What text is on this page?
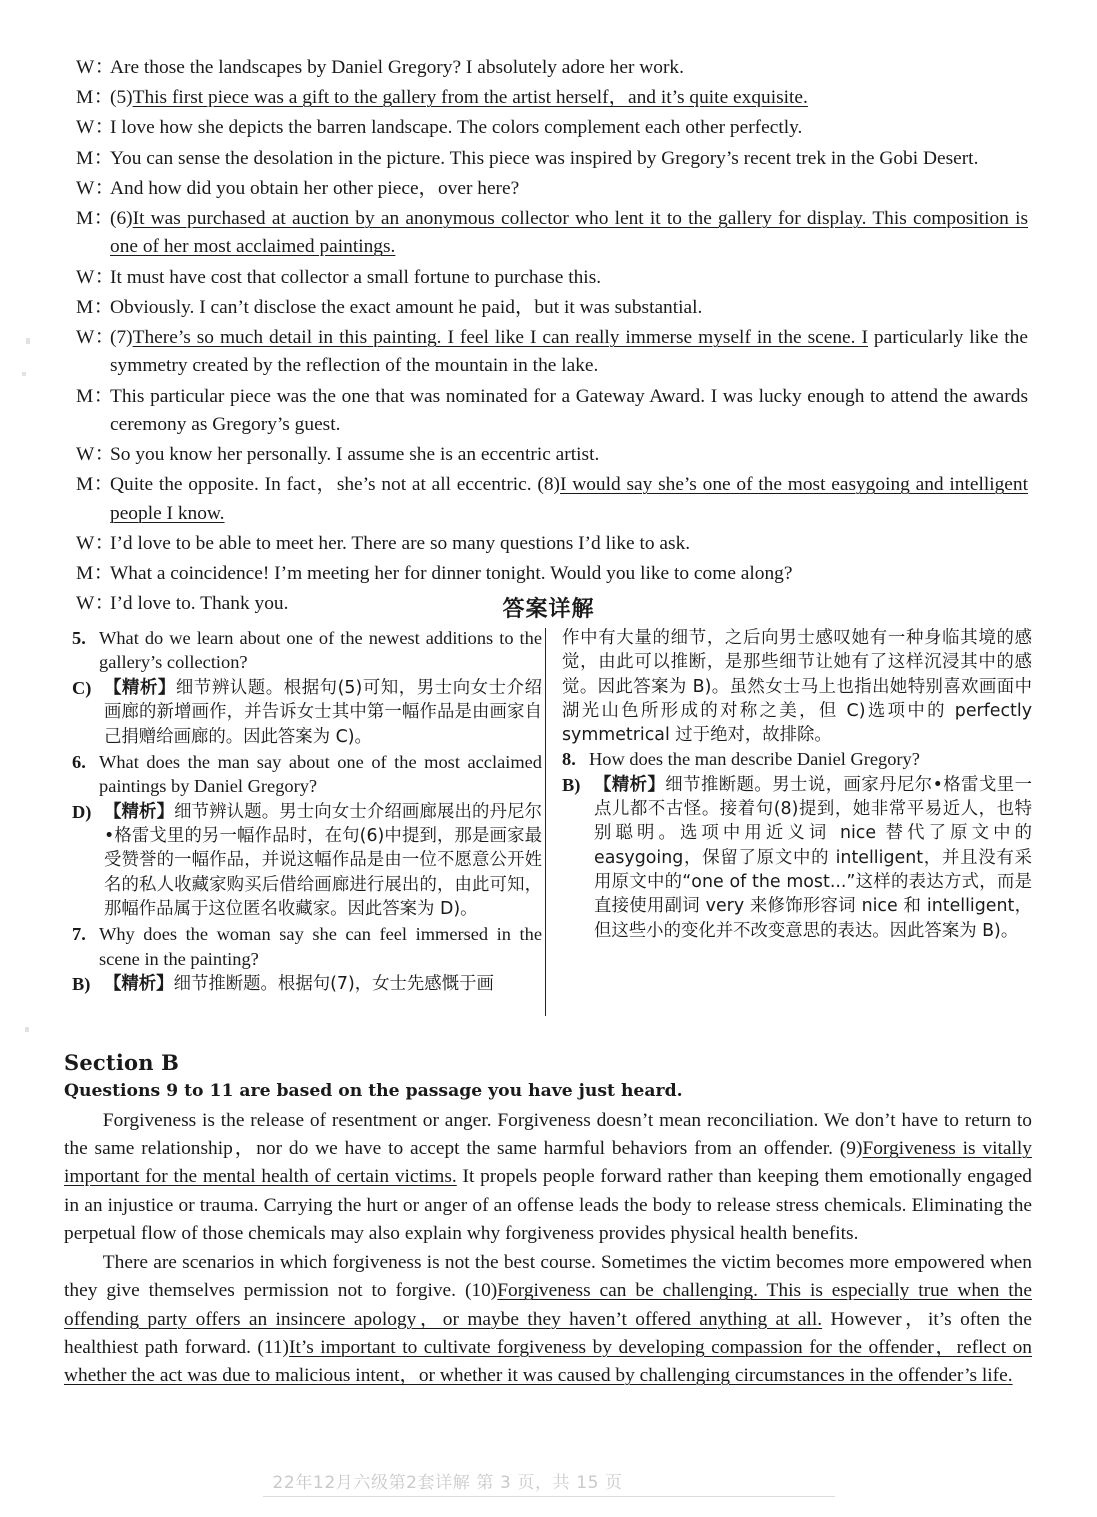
W：
Are those the landscapes by Daniel Gregory? I absolutely adore her work.
M：
(5)This first piece was a gift to the gallery from the artist herself，and it’s quite exquisite.
W：
I love how she depicts the barren landscape. The colors complement each other perfectly.
M：
You can sense the desolation in the picture. This piece was inspired by Gregory’s recent trek in the Gobi Desert.
W：
And how did you obtain her other piece，over here?
M：
(6)It was purchased at auction by an anonymous collector who lent it to the gallery for display. This composition is one of her most acclaimed paintings.
W：
It must have cost that collector a small fortune to purchase this.
M：
Obviously. I can’t disclose the exact amount he paid，but it was substantial.
W：
(7)There’s so much detail in this painting. I feel like I can really immerse myself in the scene. I particularly like the symmetry created by the reflection of the mountain in the lake.
M：
This particular piece was the one that was nominated for a Gateway Award. I was lucky enough to attend the awards ceremony as Gregory’s guest.
W：
So you know her personally. I assume she is an eccentric artist.
M：
Quite the opposite. In fact，she’s not at all eccentric. (8)I would say she’s one of the most easygoing and intelligent people I know.
W：
I’d love to be able to meet her. There are so many questions I’d like to ask.
M：
What a coincidence! I’m meeting her for dinner tonight. Would you like to come along?
W：
I’d love to. Thank you.	答案详解
5. What do we learn about one of the newest additions to the gallery’s collection?
C) 【精析】细节辨认题。根据句(5)可知，男士向女士介绍画廊的新增画作，并告诉女士其中第一幅作品是由画家自己捐赠给画廊的。因此答案为 C)。
6. What does the man say about one of the most acclaimed paintings by Daniel Gregory?
D) 【精析】细节辨认题。男士向女士介绍画廊展出的丹尼尔•格雷戈里的另一幅作品时，在句(6)中提到，那是画家最受赞誉的一幅作品，并说这幅作品是由一位不愿意公开姓名的私人收藏家购买后借给画廊进行展出的，由此可知，那幅作品属于这位匿名收藏家。因此答案为 D)。
7. Why does the woman say she can feel immersed in the scene in the painting?
B) 【精析】细节推断题。根据句(7)，女士先感慨于画
作中有大量的细节，之后向男士感叹她有一种身临其境的感觉，由此可以推断，是那些细节让她有了这样沉浸其中的感觉。因此答案为 B)。虽然女士马上也指出她特别喜欢画面中湖光山色所形成的对称之美，但 C)选项中的 perfectly symmetrical 过于绝对，故排除。
8. How does the man describe Daniel Gregory?
B) 【精析】细节推断题。男士说，画家丹尼尔•格雷戈里一点儿都不古怪。接着句(8)提到，她非常平易近人，也特别聪明。选项中用近义词 nice 替代了原文中的 easygoing，保留了原文中的 intelligent，并且没有采用原文中的“one of the most...”这样的表达方式，而是直接使用副词 very 来修饰形容词 nice 和 intelligent，但这些小的变化并不改变意思的表达。因此答案为 B)。
Section B
Questions 9 to 11 are based on the passage you have just heard.
Forgiveness is the release of resentment or anger. Forgiveness doesn’t mean reconciliation. We don’t have to return to the same relationship，nor do we have to accept the same harmful behaviors from an offender. (9)Forgiveness is vitally important for the mental health of certain victims. It propels people forward rather than keeping them emotionally engaged in an injustice or trauma. Carrying the hurt or anger of an offense leads the body to release stress chemicals. Eliminating the perpetual flow of those chemicals may also explain why forgiveness provides physical health benefits.
There are scenarios in which forgiveness is not the best course. Sometimes the victim becomes more empowered when they give themselves permission not to forgive. (10)Forgiveness can be challenging. This is especially true when the offending party offers an insincere apology，or maybe they haven’t offered anything at all. However，it’s often the healthiest path forward. (11)It’s important to cultivate forgiveness by developing compassion for the offender，reflect on whether the act was due to malicious intent，or whether it was caused by challenging circumstances in the offender’s life.
22年12月六级第2套详解 第 3 页，共 15 页
